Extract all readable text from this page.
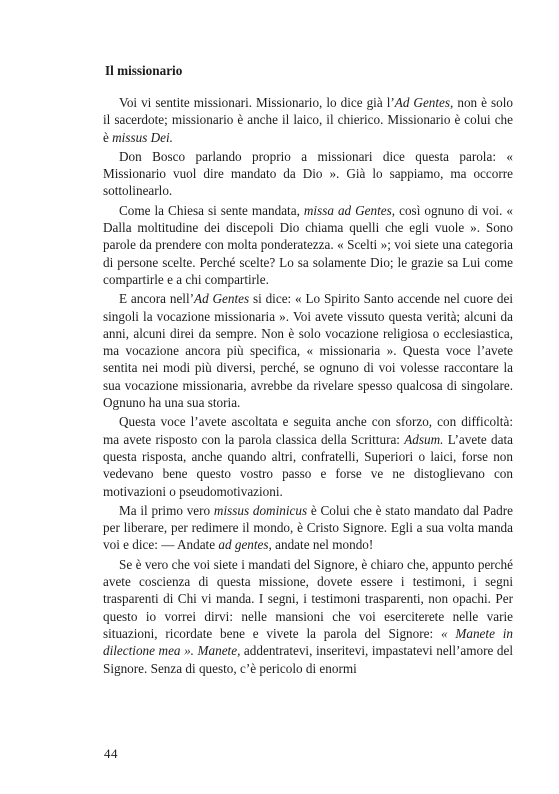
Il missionario

Voi vi sentite missionari. Missionario, lo dice già l’Ad Gentes, non è solo il sacerdote; missionario è anche il laico, il chierico. Missionario è colui che è missus Dei.

Don Bosco parlando proprio a missionari dice questa parola: « Missionario vuol dire mandato da Dio ». Già lo sappiamo, ma occorre sottolinearlo.

Come la Chiesa si sente mandata, missa ad Gentes, così ognuno di voi. « Dalla moltitudine dei discepoli Dio chiama quelli che egli vuole ». Sono parole da prendere con molta ponderatezza. « Scelti »; voi siete una categoria di persone scelte. Perché scelte? Lo sa solamente Dio; le grazie sa Lui come compartirle e a chi compartirle.

E ancora nell’Ad Gentes si dice: « Lo Spirito Santo accende nel cuore dei singoli la vocazione missionaria ». Voi avete vissuto questa verità; alcuni da anni, alcuni direi da sempre. Non è solo vocazione religiosa o ecclesiastica, ma vocazione ancora più specifica, « missionaria ». Questa voce l’avete sentita nei modi più diversi, perché, se ognuno di voi volesse raccontare la sua vocazione missionaria, avrebbe da rivelare spesso qualcosa di singolare. Ognuno ha una sua storia.

Questa voce l’avete ascoltata e seguita anche con sforzo, con difficoltà: ma avete risposto con la parola classica della Scrittura: Adsum. L’avete data questa risposta, anche quando altri, confratelli, Superiori o laici, forse non vedevano bene questo vostro passo e forse ve ne distoglievano con motivazioni o pseudomotivazioni.

Ma il primo vero missus dominicus è Colui che è stato mandato dal Padre per liberare, per redimere il mondo, è Cristo Signore. Egli a sua volta manda voi e dice: — Andate ad gentes, andate nel mondo!

Se è vero che voi siete i mandati del Signore, è chiaro che, appunto perché avete coscienza di questa missione, dovete essere i testimoni, i segni trasparenti di Chi vi manda. I segni, i testimoni trasparenti, non opachi. Per questo io vorrei dirvi: nelle mansioni che voi eserciterete nelle varie situazioni, ricordate bene e vivete la parola del Signore: « Manete in dilectione mea ». Manete, addentratevi, inseritevi, impastatevi nell’amore del Signore. Senza di questo, c’è pericolo di enormi

44
